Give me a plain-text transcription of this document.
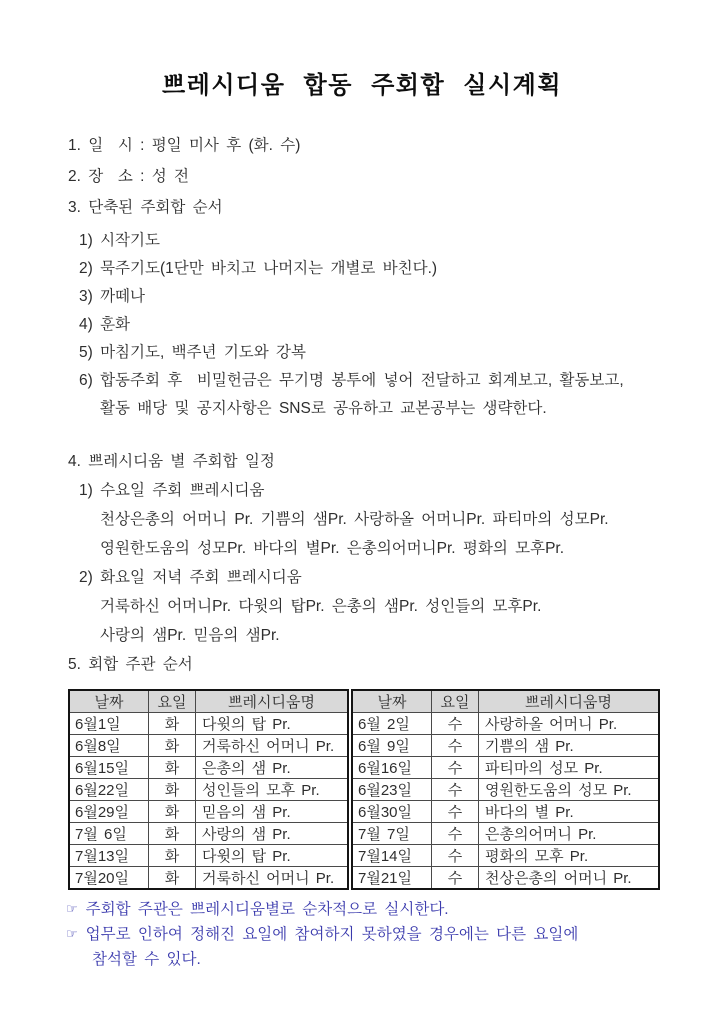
쁘레시디움 합동 주회합 실시계획
1. 일  시 : 평일 미사 후 (화. 수)
2. 장  소 : 성 전
3. 단축된 주회합 순서
1) 시작기도
2) 묵주기도(1단만 바치고 나머지는 개별로 바친다.)
3) 까떼나
4) 훈화
5) 마침기도, 백주년 기도와 강복
6) 합동주회 후  비밀헌금은 무기명 봉투에 넣어 전달하고 회계보고, 활동보고,
활동 배당 및 공지사항은 SNS로 공유하고 교본공부는 생략한다.
4. 쁘레시디움 별 주회합 일정
1) 수요일 주회 쁘레시디움
천상은총의 어머니 Pr. 기쁨의 샘Pr. 사랑하올 어머니Pr. 파티마의 성모Pr.
영원한도움의 성모Pr. 바다의 별Pr. 은총의어머니Pr. 평화의 모후Pr.
2) 화요일 저녁 주회 쁘레시디움
거룩하신 어머니Pr. 다윗의 탑Pr. 은총의 샘Pr. 성인들의 모후Pr.
사랑의 샘Pr. 믿음의 샘Pr.
5. 회합 주관 순서
날짜	요일	쁘레시디움명
6월1일	화	다윗의 탑 Pr.
6월8일	화	거룩하신 어머니 Pr.
6월15일	화	은총의 샘 Pr.
6월22일	화	성인들의 모후 Pr.
6월29일	화	믿음의 샘 Pr.
7월 6일	화	사랑의 샘 Pr.
7월13일	화	다윗의 탑 Pr.
7월20일	화	거룩하신 어머니 Pr.
날짜	요일	쁘레시디움명
6월 2일	수	사랑하올 어머니 Pr.
6월 9일	수	기쁨의 샘 Pr.
6월16일	수	파티마의 성모 Pr.
6월23일	수	영원한도움의 성모 Pr.
6월30일	수	바다의 별 Pr.
7월 7일	수	은총의어머니 Pr.
7월14일	수	평화의 모후 Pr.
7월21일	수	천상은총의 어머니 Pr.
☞ 주회합 주관은 쁘레시디움별로 순차적으로 실시한다.
☞ 업무로 인하여 정해진 요일에 참여하지 못하였을 경우에는 다른 요일에
참석할 수 있다.
